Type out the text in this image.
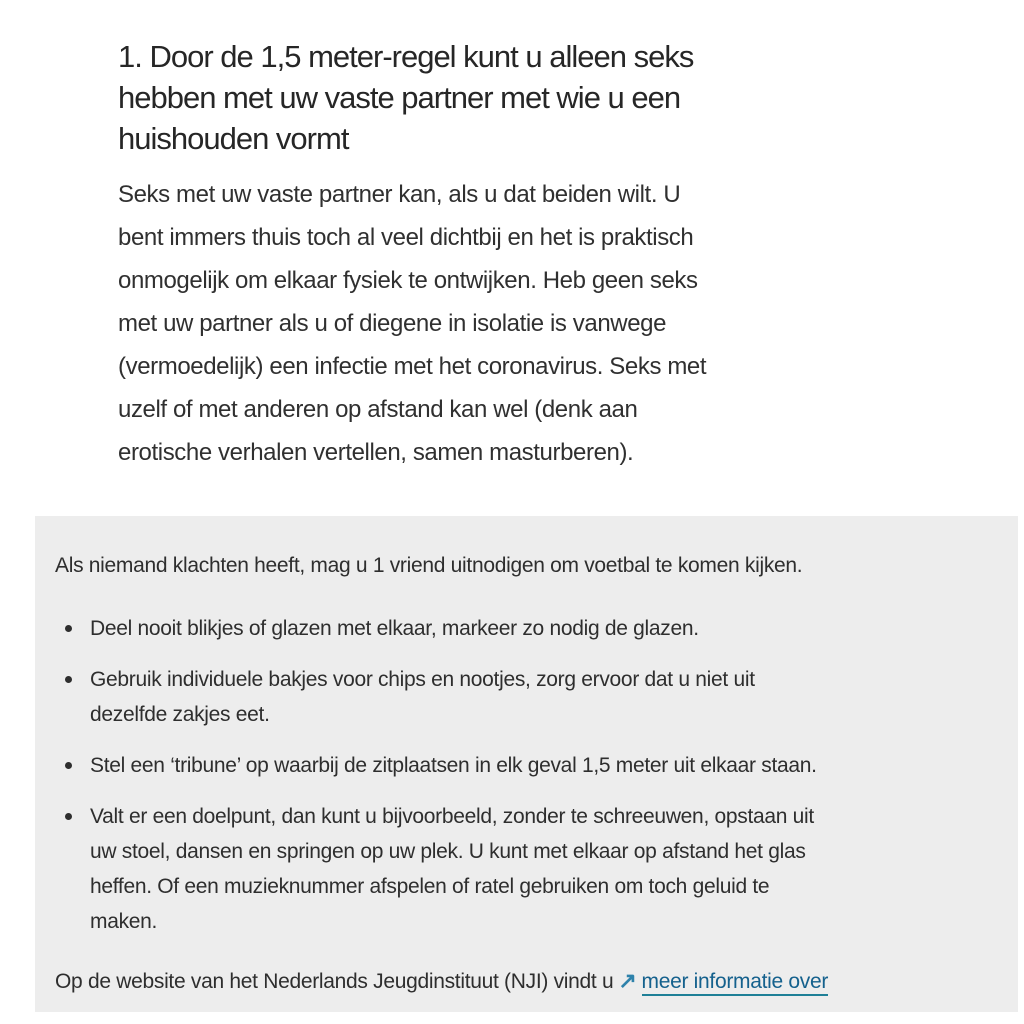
1. Door de 1,5 meter-regel kunt u alleen seks
hebben met uw vaste partner met wie u een
huishouden vormt
Seks met uw vaste partner kan, als u dat beiden wilt. U
bent immers thuis toch al veel dichtbij en het is praktisch
onmogelijk om elkaar fysiek te ontwijken. Heb geen seks
met uw partner als u of diegene in isolatie is vanwege
(vermoedelijk) een infectie met het coronavirus. Seks met
uzelf of met anderen op afstand kan wel (denk aan
erotische verhalen vertellen, samen masturberen).
Als niemand klachten heeft, mag u 1 vriend uitnodigen om voetbal te komen kijken.
Deel nooit blikjes of glazen met elkaar, markeer zo nodig de glazen.
Gebruik individuele bakjes voor chips en nootjes, zorg ervoor dat u niet uit
dezelfde zakjes eet.
Stel een ‘tribune’ op waarbij de zitplaatsen in elk geval 1,5 meter uit elkaar staan.
Valt er een doelpunt, dan kunt u bijvoorbeeld, zonder te schreeuwen, opstaan uit
uw stoel, dansen en springen op uw plek. U kunt met elkaar op afstand het glas
heffen. Of een muzieknummer afspelen of ratel gebruiken om toch geluid te
maken.
Op de website van het Nederlands Jeugdinstituut (NJI) vindt u ↗ meer informatie over
